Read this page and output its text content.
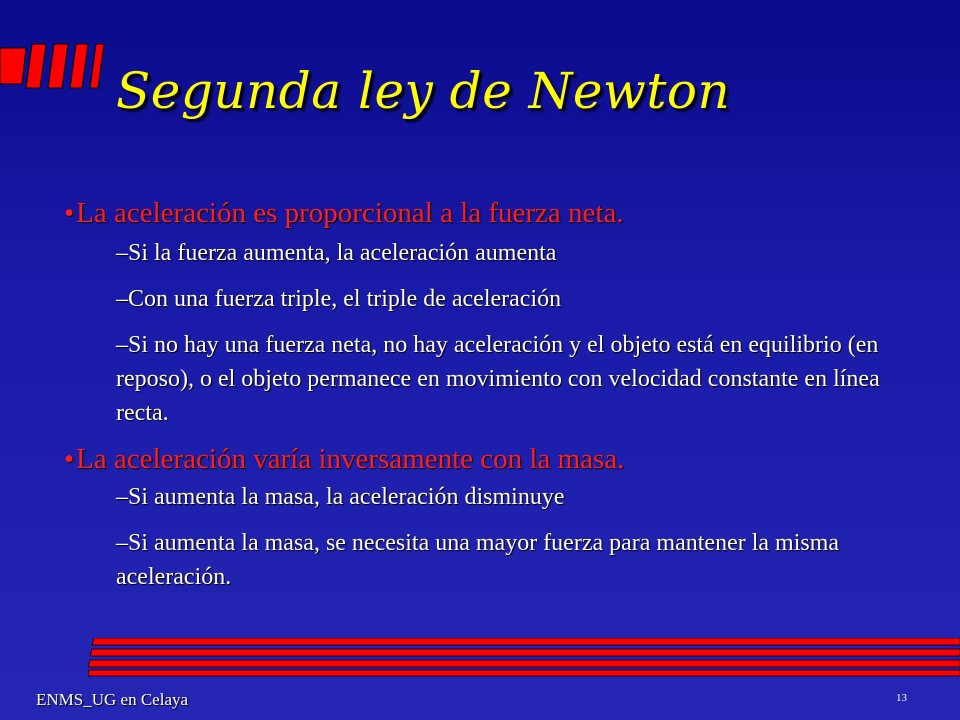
Segunda ley de Newton

•La aceleración es proporcional a la fuerza neta.

–Si la fuerza aumenta, la aceleración aumenta

–Con una fuerza triple, el triple de aceleración

–Si no hay una fuerza neta, no hay aceleración y el objeto está en equilibrio (en reposo), o el objeto permanece en movimiento con velocidad constante en línea recta.

•La aceleración varía inversamente con la masa.

–Si aumenta la masa, la aceleración disminuye

–Si aumenta la masa, se necesita una mayor fuerza para mantener la misma aceleración.

ENMS_UG en Celaya	13
